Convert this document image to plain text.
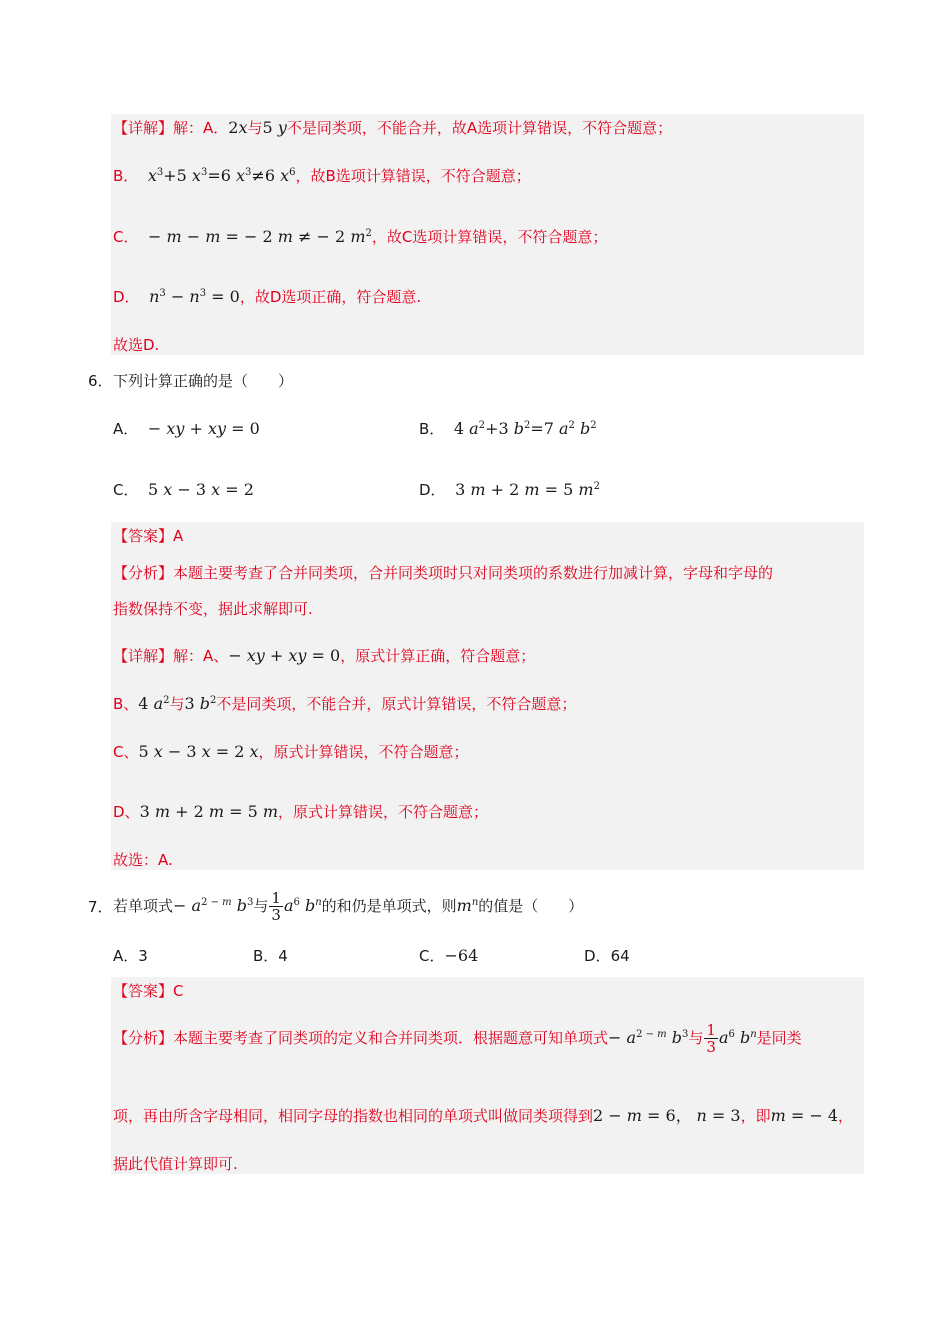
【详解】解：A．2x与5 y不是同类项，不能合并，故A选项计算错误，不符合题意；
B． $x^3+5$ $x^3=6$ $x^3\ne 6$ $x^6$，故B选项计算错误，不符合题意；
C． − m − m = − 2 m ≠ − 2 $m^2$，故C选项计算错误，不符合题意；
D． $n^3 - n^3 = 0$，故D选项正确，符合题意.
故选D.
6． 下列计算正确的是（　　）
A． − xy + xy = 0	B． 4 $a^2+3$ $b^2=7$ $a^2$ $b^2$
C． 5 x − 3 x = 2	D． 3 m + 2 m = 5 $m^2$
【答案】A
【分析】本题主要考查了合并同类项，合并同类项时只对同类项的系数进行加减计算，字母和字母的
指数保持不变，据此求解即可.
【详解】解：A、− xy + xy = 0，原式计算正确，符合题意；
B、4 $a^2$与3 $b^2$不是同类项，不能合并，原式计算错误，不符合题意；
C、5 x − 3 x = 2 x，原式计算错误，不符合题意；
D、3 m + 2 m = 5 m，原式计算错误，不符合题意；
故选：A.
7． 若单项式− $a^{2 - m}$ $b^3$与 $\frac{1}{3} a^6$ $b^n$的和仍是单项式，则$m^n$的值是（　　）
A．3	B．4	C．−64	D．64
【答案】C
【分析】本题主要考查了同类项的定义和合并同类项．根据题意可知单项式− $a^{2 - m}$ $b^3$与 $\frac{1}{3} a^6$ $b^n$是同类
项，再由所含字母相同，相同字母的指数也相同的单项式叫做同类项得到2 − m = 6， n = 3，即m = − 4，
据此代值计算即可.
